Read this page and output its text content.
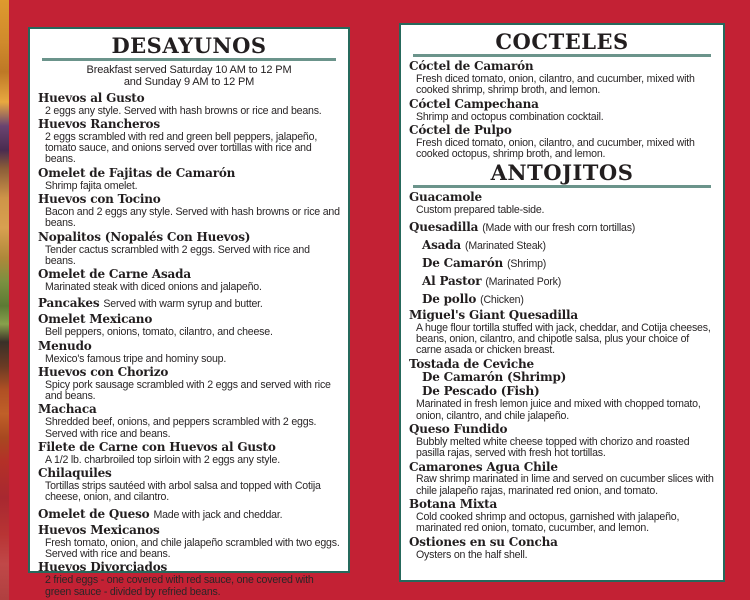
DESAYUNOS
Breakfast served Saturday 10 AM to 12 PM
and Sunday 9 AM to 12 PM
Huevos al Gusto
2 eggs any style. Served with hash browns or rice and beans.
Huevos Rancheros
2 eggs scrambled with red and green bell peppers, jalapeño, tomato sauce, and onions served over tortillas with rice and beans.
Omelet de Fajitas de Camarón
Shrimp fajita omelet.
Huevos con Tocino
Bacon and 2 eggs any style. Served with hash browns or rice and beans.
Nopalitos (Nopalés Con Huevos)
Tender cactus scrambled with 2 eggs. Served with rice and beans.
Omelet de Carne Asada
Marinated steak with diced onions and jalapeño.
Pancakes Served with warm syrup and butter.
Omelet Mexicano
Bell peppers, onions, tomato, cilantro, and cheese.
Menudo
Mexico's famous tripe and hominy soup.
Huevos con Chorizo
Spicy pork sausage scrambled with 2 eggs and served with rice and beans.
Machaca
Shredded beef, onions, and peppers scrambled with 2 eggs. Served with rice and beans.
Filete de Carne con Huevos al Gusto
A 1/2 lb. charbroiled top sirloin with 2 eggs any style.
Chilaquiles
Tortillas strips sautéed with arbol salsa and topped with Cotija cheese, onion, and cilantro.
Omelet de Queso Made with jack and cheddar.
Huevos Mexicanos
Fresh tomato, onion, and chile jalapeño scrambled with two eggs. Served with rice and beans.
Huevos Divorciados
2 fried eggs - one covered with red sauce, one covered with green sauce - divided by refried beans.
COCTELES
Cóctel de Camarón
Fresh diced tomato, onion, cilantro, and cucumber, mixed with cooked shrimp, shrimp broth, and lemon.
Cóctel Campechana
Shrimp and octopus combination cocktail.
Cóctel de Pulpo
Fresh diced tomato, onion, cilantro, and cucumber, mixed with cooked octopus, shrimp broth, and lemon.
ANTOJITOS
Guacamole
Custom prepared table-side.
Quesadilla (Made with our fresh corn tortillas)
Asada (Marinated Steak)
De Camarón (Shrimp)
Al Pastor (Marinated Pork)
De pollo (Chicken)
Miguel's Giant Quesadilla
A huge flour tortilla stuffed with jack, cheddar, and Cotija cheeses, beans, onion, cilantro, and chipotle salsa, plus your choice of carne asada or chicken breast.
Tostada de Ceviche
De Camarón (Shrimp)
De Pescado (Fish)
Marinated in fresh lemon juice and mixed with chopped tomato, onion, cilantro, and chile jalapeño.
Queso Fundido
Bubbly melted white cheese topped with chorizo and roasted pasilla rajas, served with fresh hot tortillas.
Camarones Agua Chile
Raw shrimp marinated in lime and served on cucumber slices with chile jalapeño rajas, marinated red onion, and tomato.
Botana Mixta
Cold cooked shrimp and octopus, garnished with jalapeño, marinated red onion, tomato, cucumber, and lemon.
Ostiones en su Concha
Oysters on the half shell.
